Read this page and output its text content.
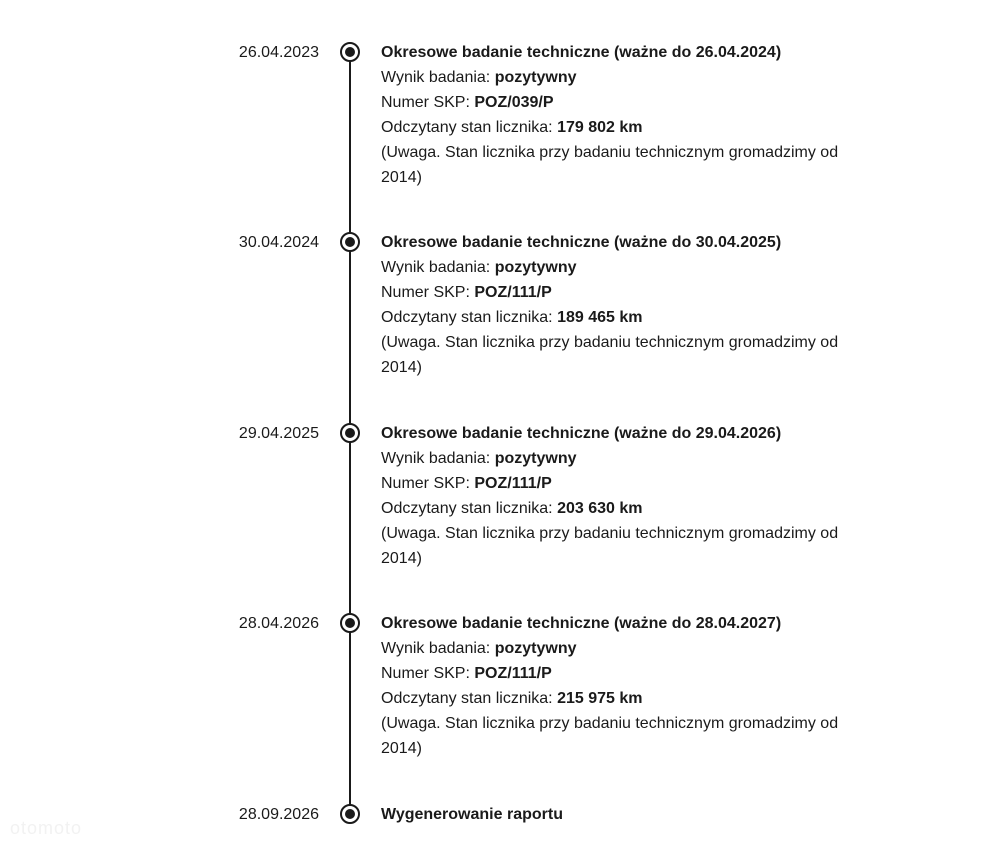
26.04.2023	Okresowe badanie techniczne (ważne do 26.04.2024)
Wynik badania: pozytywny
Numer SKP: POZ/039/P
Odczytany stan licznika: 179 802 km
(Uwaga. Stan licznika przy badaniu technicznym gromadzimy od 2014)
30.04.2024	Okresowe badanie techniczne (ważne do 30.04.2025)
Wynik badania: pozytywny
Numer SKP: POZ/111/P
Odczytany stan licznika: 189 465 km
(Uwaga. Stan licznika przy badaniu technicznym gromadzimy od 2014)
29.04.2025	Okresowe badanie techniczne (ważne do 29.04.2026)
Wynik badania: pozytywny
Numer SKP: POZ/111/P
Odczytany stan licznika: 203 630 km
(Uwaga. Stan licznika przy badaniu technicznym gromadzimy od 2014)
28.04.2026	Okresowe badanie techniczne (ważne do 28.04.2027)
Wynik badania: pozytywny
Numer SKP: POZ/111/P
Odczytany stan licznika: 215 975 km
(Uwaga. Stan licznika przy badaniu technicznym gromadzimy od 2014)
28.09.2026	Wygenerowanie raportu
otomoto
